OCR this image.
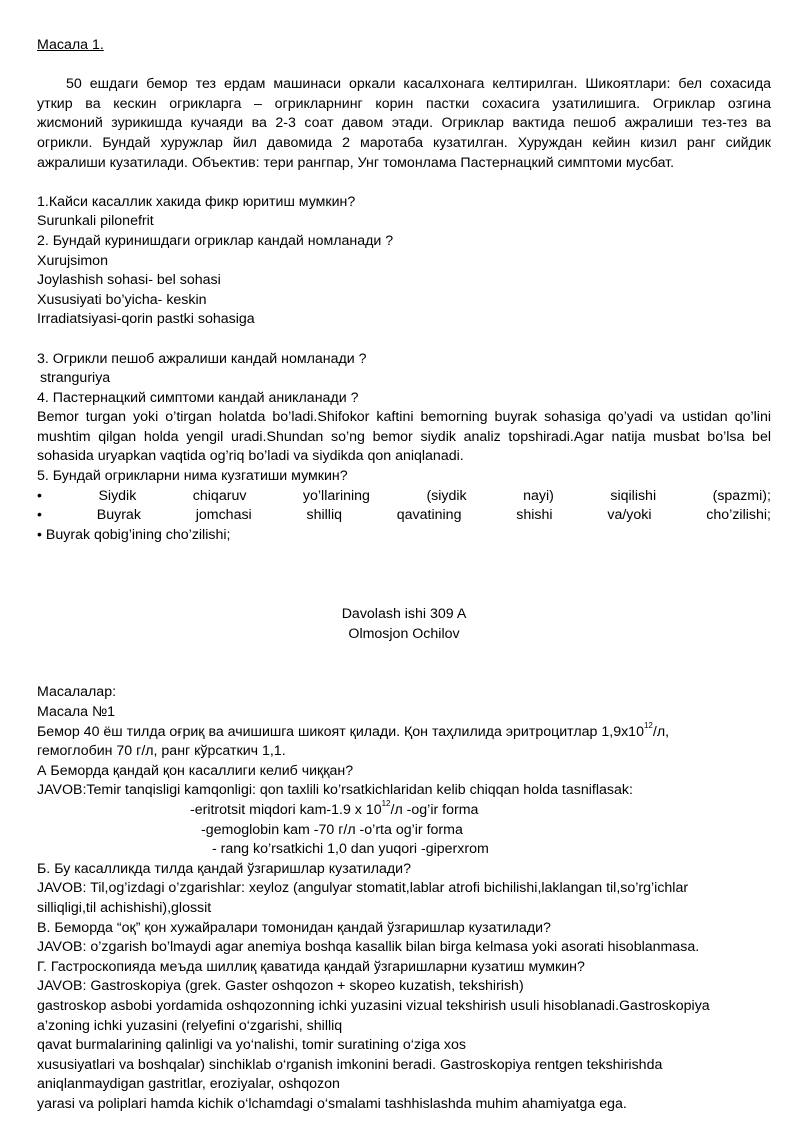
Масала 1.
50 ешдаги бемор тез ердам машинаси оркали касалхонага келтирилган. Шикоятлари: бел сохасида
уткир ва кескин огрикларга – огрикларнинг корин пастки сохасига узатилишига. Огриклар озгина
жисмоний зурикишда кучаяди ва 2-3 соат давом этади. Огриклар вактида пешоб ажралиши тез-тез ва
огрикли. Бундай хуружлар йил давомида 2 маротаба кузатилган. Хуруждан кейин кизил ранг сийдик
ажралиши кузатилади. Объектив: тери рангпар, Унг томонлама Пастернацкий симптоми мусбат.
1.Кайси касаллик хакида фикр юритиш мумкин?
Surunkali pilonefrit
2. Бундай куринишдаги огриклар кандай номланади ?
Xurujsimon
Joylashish sohasi- bel sohasi
Xususiyati bo’yicha- keskin
Irradiatsiyasi-qorin pastki sohasiga
3. Огрикли пешоб ажралиши кандай номланади ?
stranguriya
4. Пастернацкий симптоми кандай аникланади ?
Bemor turgan yoki o’tirgan holatda bo’ladi.Shifokor kaftini bemorning buyrak sohasiga qo’yadi va ustidan qo’lini
mushtim qilgan holda yengil uradi.Shundan so’ng bemor siydik analiz topshiradi.Agar natija musbat bo’lsa bel
sohasida uryapkan vaqtida og’riq bo’ladi va siydikda qon aniqlanadi.
5. Бундай огрикларни нима кузгатиши мумкин?
•	Siydik	chiqaruv	yo’llarining	(siydik	nayi)	siqilishi	(spazmi);
•	Buyrak	jomchasi	shilliq	qavatining	shishi	va/yoki	cho’zilishi;
• Buyrak qobig’ining cho’zilishi;
Davolash ishi 309 A
Olmosjon Ochilov
Масалалар:
Масала №1
Бемор 40 ёш тилда оғриқ ва ачишишга шикоят қилади. Қон таҳлилида эритроцитлар $1,9х10^{12}/л$,
гемоглобин 70 г/л, ранг кўрсаткич 1,1.
А Беморда қандай қон касаллиги келиб чиққан?
JAVOB:Temir tanqisligi kamqonligi: qon taxlili ko’rsatkichlaridan kelib chiqqan holda tasniflasak:
-eritrotsit miqdori kam-1.9 x $10^{12}/л$ -og’ir forma
-gemoglobin kam -70 г/л -o’rta og’ir forma
- rang ko’rsatkichi 1,0 dan yuqori -giperxrom
Б. Бу касалликда тилда қандай ўзгаришлар кузатилади?
JAVOB: Til,og’izdagi o’zgarishlar: xeyloz (angulyar stomatit,lablar atrofi bichilishi,laklangan til,so’rg’ichlar
silliqligi,til achishishi),glossit
В. Беморда “оқ” қон хужайралари томонидан қандай ўзгаришлар кузатилади?
JAVOB: o’zgarish bo’lmaydi agar anemiya boshqa kasallik bilan birga kelmasa yoki asorati hisoblanmasa.
Г. Гастроскопияда меъда шиллиқ қаватида қандай ўзгаришларни кузатиш мумкин?
JAVOB: Gastroskopiya (grek. Gaster oshqozon + skopeo kuzatish, tekshirish)
gastroskop asbobi yordamida oshqozonning ichki yuzasini vizual tekshirish usuli hisoblanadi.Gastroskopiya
a’zoning ichki yuzasini (relyefini o‘zgarishi, shilliq
qavat burmalarining qalinligi va yo‘nalishi, tomir suratining o‘ziga xos
xususiyatlari va boshqalar) sinchiklab o‘rganish imkonini beradi. Gastroskopiya rentgen tekshirishda
aniqlanmaydigan gastritlar, eroziyalar, oshqozon
yarasi va poliplari hamda kichik o‘lchamdagi o‘smalami tashhislashda muhim ahamiyatga ega.
